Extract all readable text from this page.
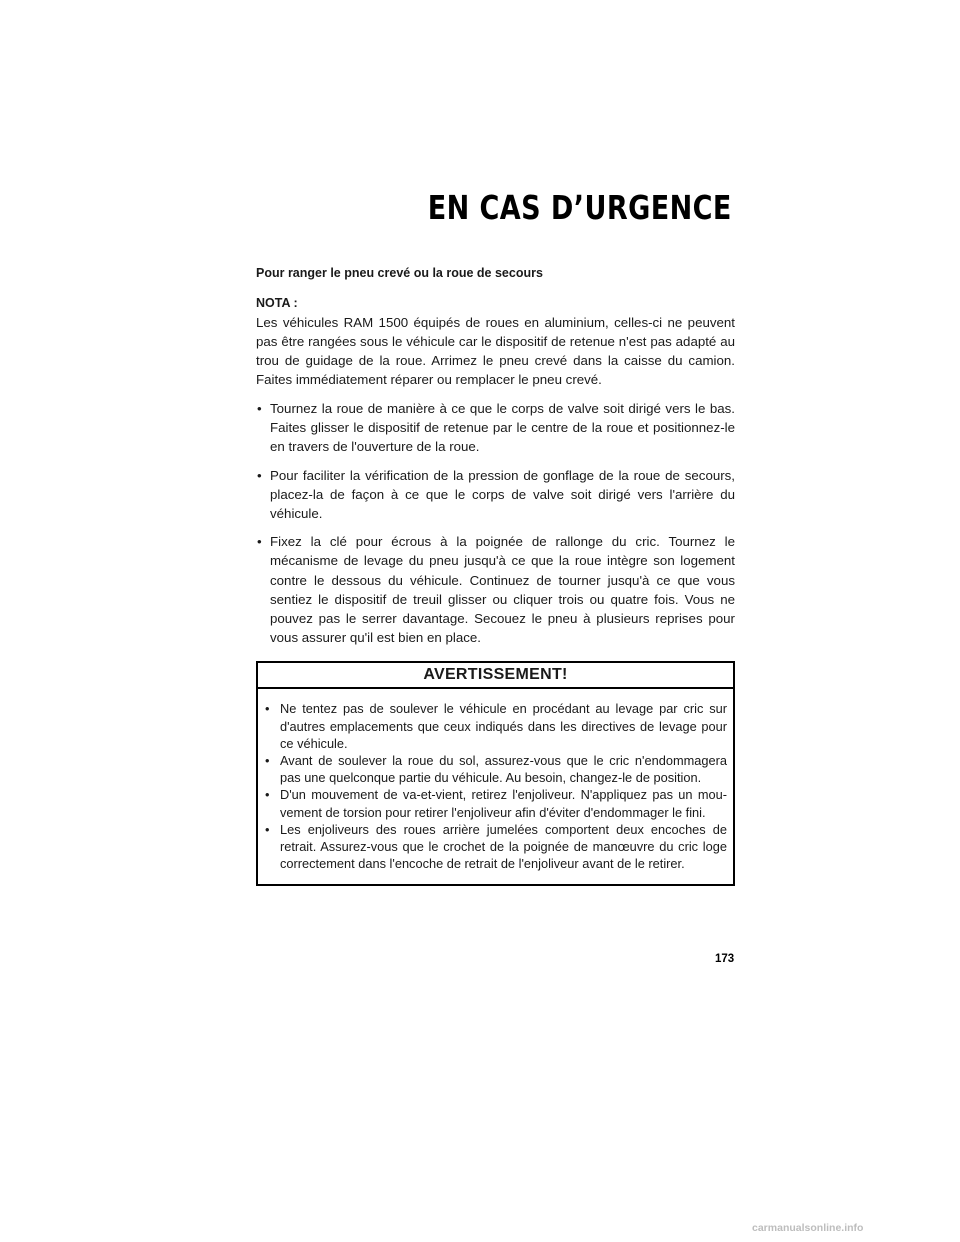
EN CAS D’URGENCE
Pour ranger le pneu crevé ou la roue de secours
NOTA :

Les véhicules RAM 1500 équipés de roues en aluminium, celles-ci ne peuvent pas être rangées sous le véhicule car le dispositif de retenue n'est pas adapté au trou de guidage de la roue. Arrimez le pneu crevé dans la caisse du camion. Faites immédiatement réparer ou remplacer le pneu crevé.

• Tournez la roue de manière à ce que le corps de valve soit dirigé vers le bas. Faites glisser le dispositif de retenue par le centre de la roue et positionnez-le en travers de l'ouverture de la roue.
• Pour faciliter la vérification de la pression de gonflage de la roue de secours, placez-la de façon à ce que le corps de valve soit dirigé vers l'arrière du véhicule.
• Fixez la clé pour écrous à la poignée de rallonge du cric. Tournez le mécanisme de levage du pneu jusqu'à ce que la roue intègre son logement contre le dessous du véhicule. Continuez de tourner jusqu'à ce que vous sentiez le dispositif de treuil glisser ou cliquer trois ou quatre fois. Vous ne pouvez pas le serrer davantage. Secouez le pneu à plusieurs reprises pour vous assurer qu'il est bien en place.
AVERTISSEMENT!
• Ne tentez pas de soulever le véhicule en procédant au levage par cric sur d'autres emplacements que ceux indiqués dans les directives de levage pour ce véhicule.
• Avant de soulever la roue du sol, assurez-vous que le cric n'endommagera pas une quelconque partie du véhicule. Au besoin, changez-le de position.
• D'un mouvement de va-et-vient, retirez l'enjoliveur. N'appliquez pas un mou-vement de torsion pour retirer l'enjoliveur afin d'éviter d'endommager le fini.
• Les enjoliveurs des roues arrière jumelées comportent deux encoches de retrait. Assurez-vous que le crochet de la poignée de manœuvre du cric loge correctement dans l'encoche de retrait de l'enjoliveur avant de le retirer.
173
carmanualsonline.info
